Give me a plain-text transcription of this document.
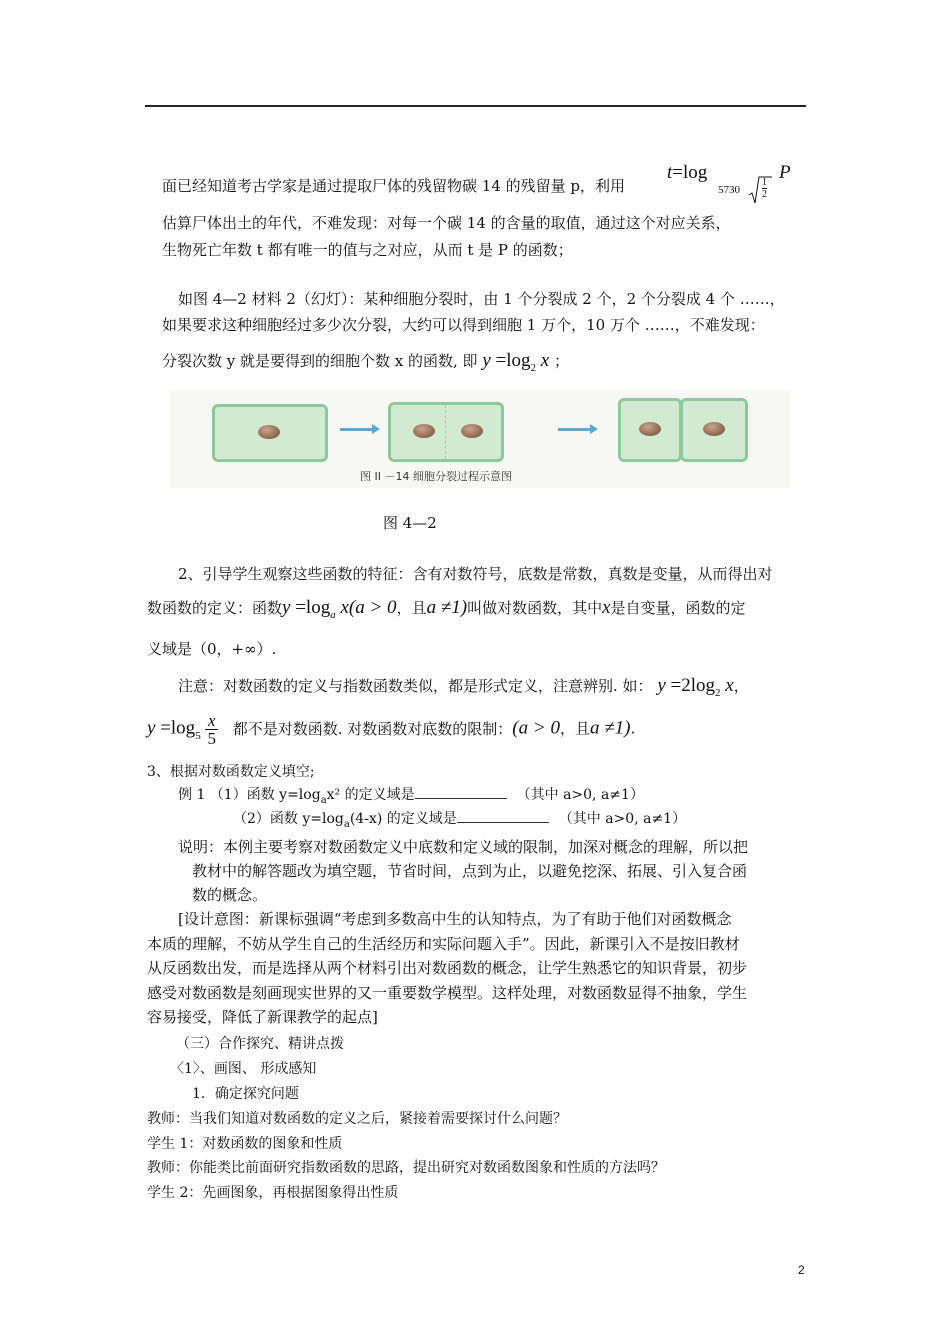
面已经知道考古学家是通过提取尸体的残留物碳 14 的残留量 p，利用
t=log
$5730 \frac{1}{2}$
P
估算尸体出土的年代，不难发现：对每一个碳 14 的含量的取值，通过这个对应关系，
生物死亡年数 t 都有唯一的值与之对应，从而 t 是 P 的函数；
如图 4—2 材料 2（幻灯）：某种细胞分裂时，由 1 个分裂成 2 个，2 个分裂成 4 个 ……，
如果要求这种细胞经过多少次分裂，大约可以得到细胞 1 万个，10 万个 ……，不难发现：
分裂次数 y 就是要得到的细胞个数 x 的函数, 即 $y =\log_2$ x ；
图 II －14 细胞分裂过程示意图
图 4—2
2、引导学生观察这些函数的特征：含有对数符号，底数是常数，真数是变量，从而得出对
数函数的定义：函数$y =\log_a$ x(a > 0，且a ≠1)叫做对数函数，其中x是自变量，函数的定
义域是（0，+∞）.
注意：对数函数的定义与指数函数类似，都是形式定义，注意辨别. 如： $y =2\log_2$ x，
$y =\log_5 \frac{x}{5}$ 都不是对数函数. 对数函数对底数的限制：(a > 0，且a ≠1).
3、根据对数函数定义填空;
例 1 （1）函数 $y=\log_ax^2$ 的定义域是	（其中 a>0, a≠1）
（2）函数 $y=\log_a(4-x)$ 的定义域是	（其中 a>0, a≠1）
说明：本例主要考察对数函数定义中底数和定义域的限制，加深对概念的理解，所以把
教材中的解答题改为填空题，节省时间，点到为止，以避免挖深、拓展、引入复合函
数的概念。
[设计意图：新课标强调“考虑到多数高中生的认知特点，为了有助于他们对函数概念
本质的理解，不妨从学生自己的生活经历和实际问题入手”。因此，新课引入不是按旧教材
从反函数出发，而是选择从两个材料引出对数函数的概念，让学生熟悉它的知识背景，初步
感受对数函数是刻画现实世界的又一重要数学模型。这样处理，对数函数显得不抽象，学生
容易接受，降低了新课教学的起点]
（三）合作探究、精讲点拨
〈1〉、画图、 形成感知
1．确定探究问题
教师：当我们知道对数函数的定义之后，紧接着需要探讨什么问题？
学生 1：对数函数的图象和性质
教师：你能类比前面研究指数函数的思路，提出研究对数函数图象和性质的方法吗？
学生 2：先画图象，再根据图象得出性质
2
